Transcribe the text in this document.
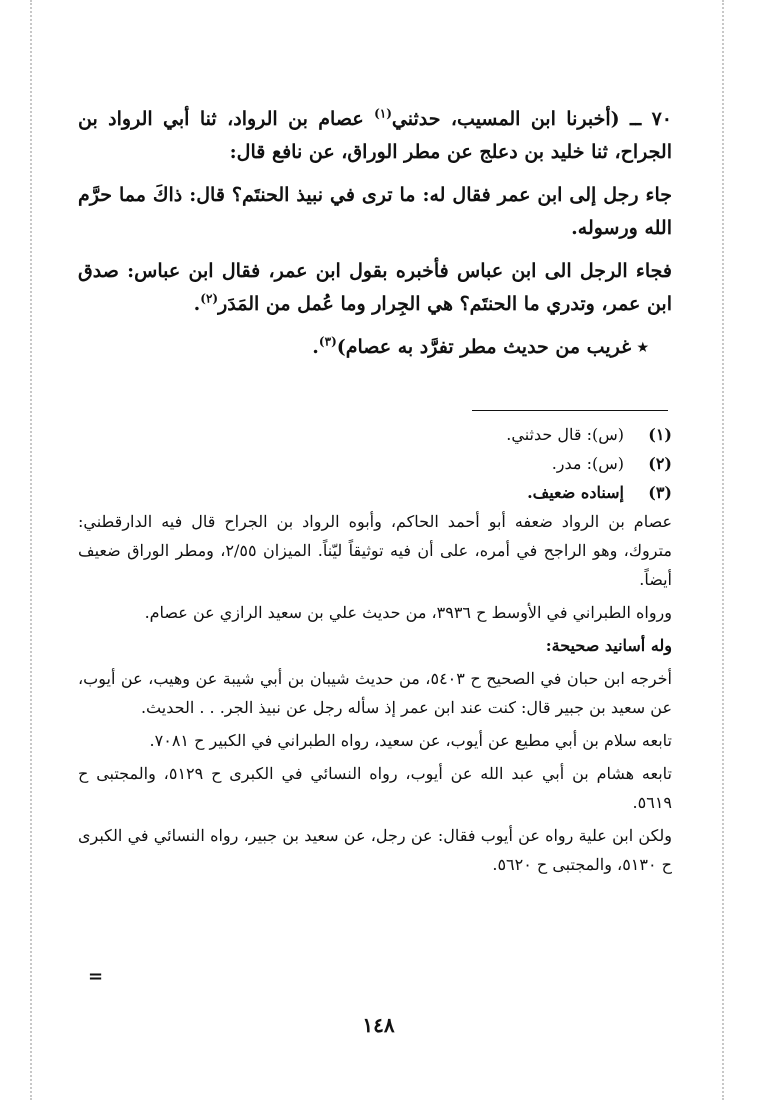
٧٠ ــ (أخبرنا ابن المسيب، حدثني$^{(١)}$ عصام بن الرواد، ثنا أبي الرواد بن الجراح، ثنا خليد بن دعلج عن مطر الوراق، عن نافع قال:

جاء رجل إلى ابن عمر فقال له: ما ترى في نبيذ الحنتَم؟ قال: ذاكَ مما حرَّم الله ورسوله.

فجاء الرجل الى ابن عباس فأخبره بقول ابن عمر، فقال ابن عباس: صدق ابن عمر، وتدري ما الحنتَم؟ هي الجِرار وما عُمل من المَدَر$^{(٢)}$.

٭ غريب من حديث مطر تفرَّد به عصام)$^{(٣)}$.

(١)
(س): قال حدثني.
(٢)
(س): مدر.
(٣)
إسناده ضعيف.

عصام بن الرواد ضعفه أبو أحمد الحاكم، وأبوه الرواد بن الجراح قال فيه الدارقطني: متروك، وهو الراجح في أمره، على أن فيه توثيقاً ليّناً. الميزان ٢/٥٥، ومطر الوراق ضعيف أيضاً.

ورواه الطبراني في الأوسط ح ٣٩٣٦، من حديث علي بن سعيد الرازي عن عصام.

وله أسانيد صحيحة:

أخرجه ابن حبان في الصحيح ح ٥٤٠٣، من حديث شيبان بن أبي شيبة عن وهيب، عن أيوب، عن سعيد بن جبير قال: كنت عند ابن عمر إذ سأله رجل عن نبيذ الجر. . . الحديث.

تابعه سلام بن أبي مطيع عن أيوب، عن سعيد، رواه الطبراني في الكبير ح ٧٠٨١.

تابعه هشام بن أبي عبد الله عن أيوب، رواه النسائي في الكبرى ح ٥١٢٩، والمجتبى ح ٥٦١٩.

ولكن ابن علية رواه عن أيوب فقال: عن رجل، عن سعيد بن جبير، رواه النسائي في الكبرى ح ٥١٣٠، والمجتبى ح ٥٦٢٠.

=
١٤٨
